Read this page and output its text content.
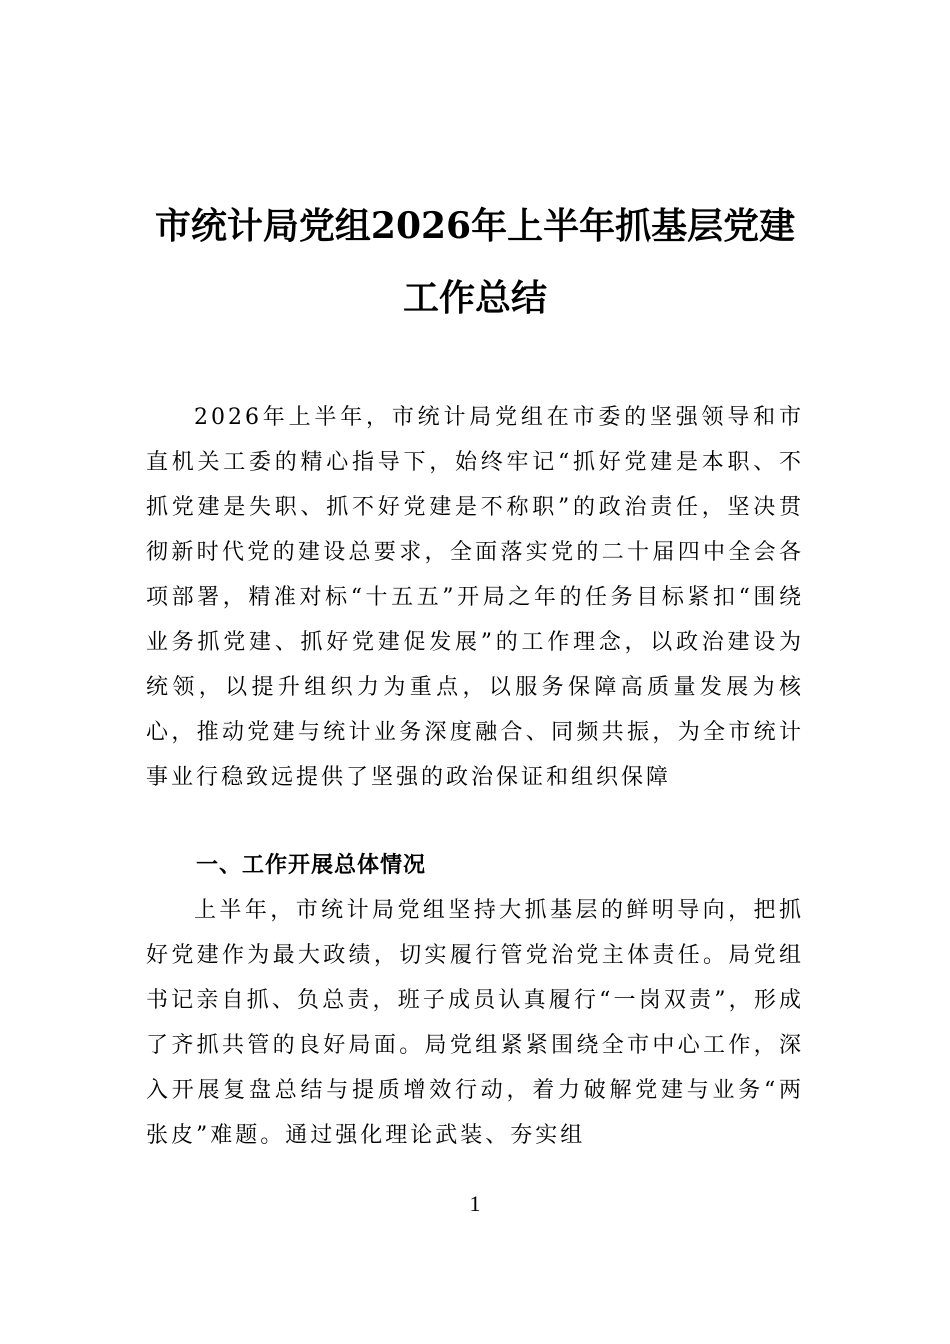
市统计局党组2026年上半年抓基层党建工作总结
2026年上半年，市统计局党组在市委的坚强领导和市直机关工委的精心指导下，始终牢记“抓好党建是本职、不抓党建是失职、抓不好党建是不称职”的政治责任，坚决贯彻新时代党的建设总要求，全面落实党的二十届四中全会各项部署，精准对标“十五五”开局之年的任务目标紧扣“围绕业务抓党建、抓好党建促发展”的工作理念，以政治建设为统领，以提升组织力为重点，以服务保障高质量发展为核心，推动党建与统计业务深度融合、同频共振，为全市统计事业行稳致远提供了坚强的政治保证和组织保障
一、工作开展总体情况
上半年，市统计局党组坚持大抓基层的鲜明导向，把抓好党建作为最大政绩，切实履行管党治党主体责任。局党组书记亲自抓、负总责，班子成员认真履行“一岗双责”，形成了齐抓共管的良好局面。局党组紧紧围绕全市中心工作，深入开展复盘总结与提质增效行动，着力破解党建与业务“两张皮”难题。通过强化理论武装、夯实组
1
